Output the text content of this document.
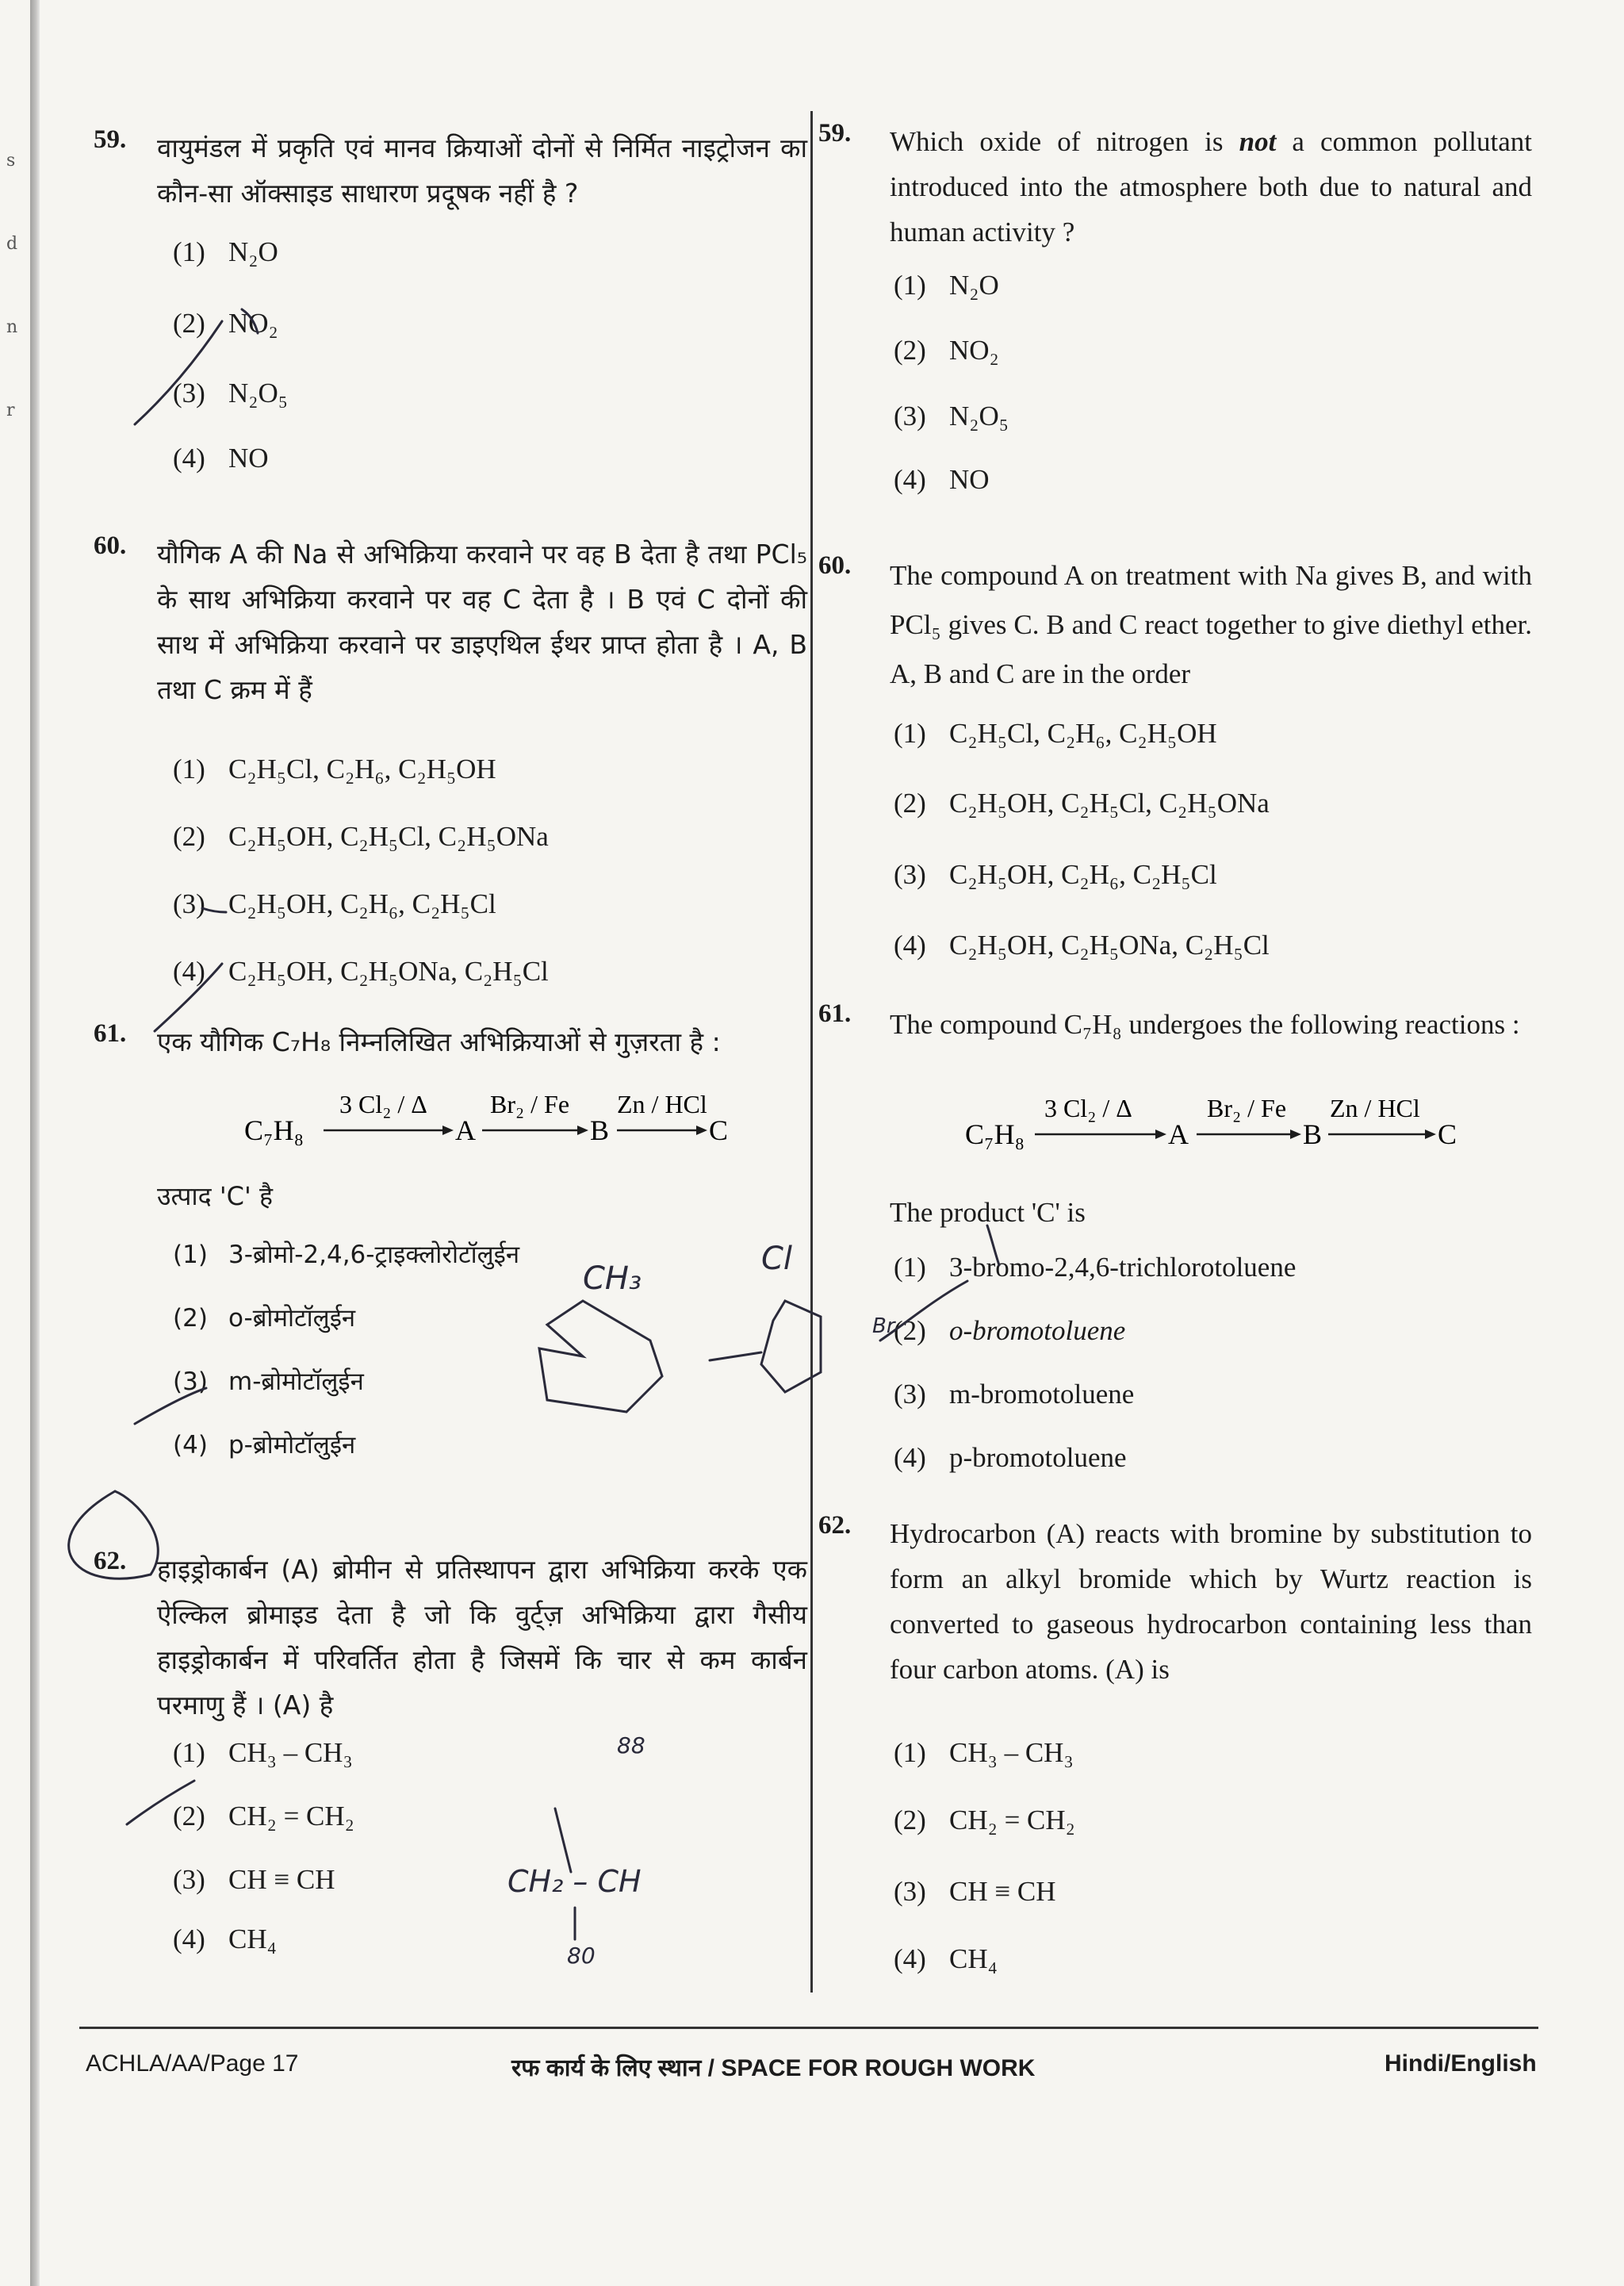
s
d
n
r
59. वायुमंडल में प्रकृति एवं मानव क्रियाओं दोनों से निर्मित नाइट्रोजन का कौन-सा ऑक्साइड साधारण प्रदूषक नहीं है ?
(1) N₂O
(2) NO₂
(3) N₂O₅
(4) NO
60. यौगिक A की Na से अभिक्रिया करवाने पर वह B देता है तथा PCl₅ के साथ अभिक्रिया करवाने पर वह C देता है । B एवं C दोनों की साथ में अभिक्रिया करवाने पर डाइएथिल ईथर प्राप्त होता है । A, B तथा C क्रम में हैं
(1) C₂H₅Cl, C₂H₆, C₂H₅OH
(2) C₂H₅OH, C₂H₅Cl, C₂H₅ONa
(3) C₂H₅OH, C₂H₆, C₂H₅Cl
(4) C₂H₅OH, C₂H₅ONa, C₂H₅Cl
61. एक यौगिक C₇H₈ निम्नलिखित अभिक्रियाओं से गुज़रता है :
C₇H₈
3 Cl₂ / Δ
A
Br₂ / Fe
B
Zn / HCl
C
उत्पाद 'C' है
(1) 3-ब्रोमो-2,4,6-ट्राइक्लोरोटॉलुईन
(2) o-ब्रोमोटॉलुईन
(3) m-ब्रोमोटॉलुईन
(4) p-ब्रोमोटॉलुईन
62. हाइड्रोकार्बन (A) ब्रोमीन से प्रतिस्थापन द्वारा अभिक्रिया करके एक ऐल्किल ब्रोमाइड देता है जो कि वुर्ट्ज़ अभिक्रिया द्वारा गैसीय हाइड्रोकार्बन में परिवर्तित होता है जिसमें कि चार से कम कार्बन परमाणु हैं । (A) है
(1) CH₃ – CH₃
(2) CH₂ = CH₂
(3) CH ≡ CH
(4) CH₄
59. Which oxide of nitrogen is not a common pollutant introduced into the atmosphere both due to natural and human activity ?
(1) N₂O
(2) NO₂
(3) N₂O₅
(4) NO
60. The compound A on treatment with Na gives B, and with PCl₅ gives C. B and C react together to give diethyl ether. A, B and C are in the order
(1) C₂H₅Cl, C₂H₆, C₂H₅OH
(2) C₂H₅OH, C₂H₅Cl, C₂H₅ONa
(3) C₂H₅OH, C₂H₆, C₂H₅Cl
(4) C₂H₅OH, C₂H₅ONa, C₂H₅Cl
61. The compound C₇H₈ undergoes the following reactions :
C₇H₈
3 Cl₂ / Δ
A
Br₂ / Fe
B
Zn / HCl
C
The product 'C' is
(1) 3-bromo-2,4,6-trichlorotoluene
(2) o-bromotoluene
(3) m-bromotoluene
(4) p-bromotoluene
62. Hydrocarbon (A) reacts with bromine by substitution to form an alkyl bromide which by Wurtz reaction is converted to gaseous hydrocarbon containing less than four carbon atoms. (A) is
(1) CH₃ – CH₃
(2) CH₂ = CH₂
(3) CH ≡ CH
(4) CH₄
CH₃
Cl
CH₂ – CH
88
80
Br
ACHLA/AA/Page 17	रफ कार्य के लिए स्थान / SPACE FOR ROUGH WORK	Hindi/English
